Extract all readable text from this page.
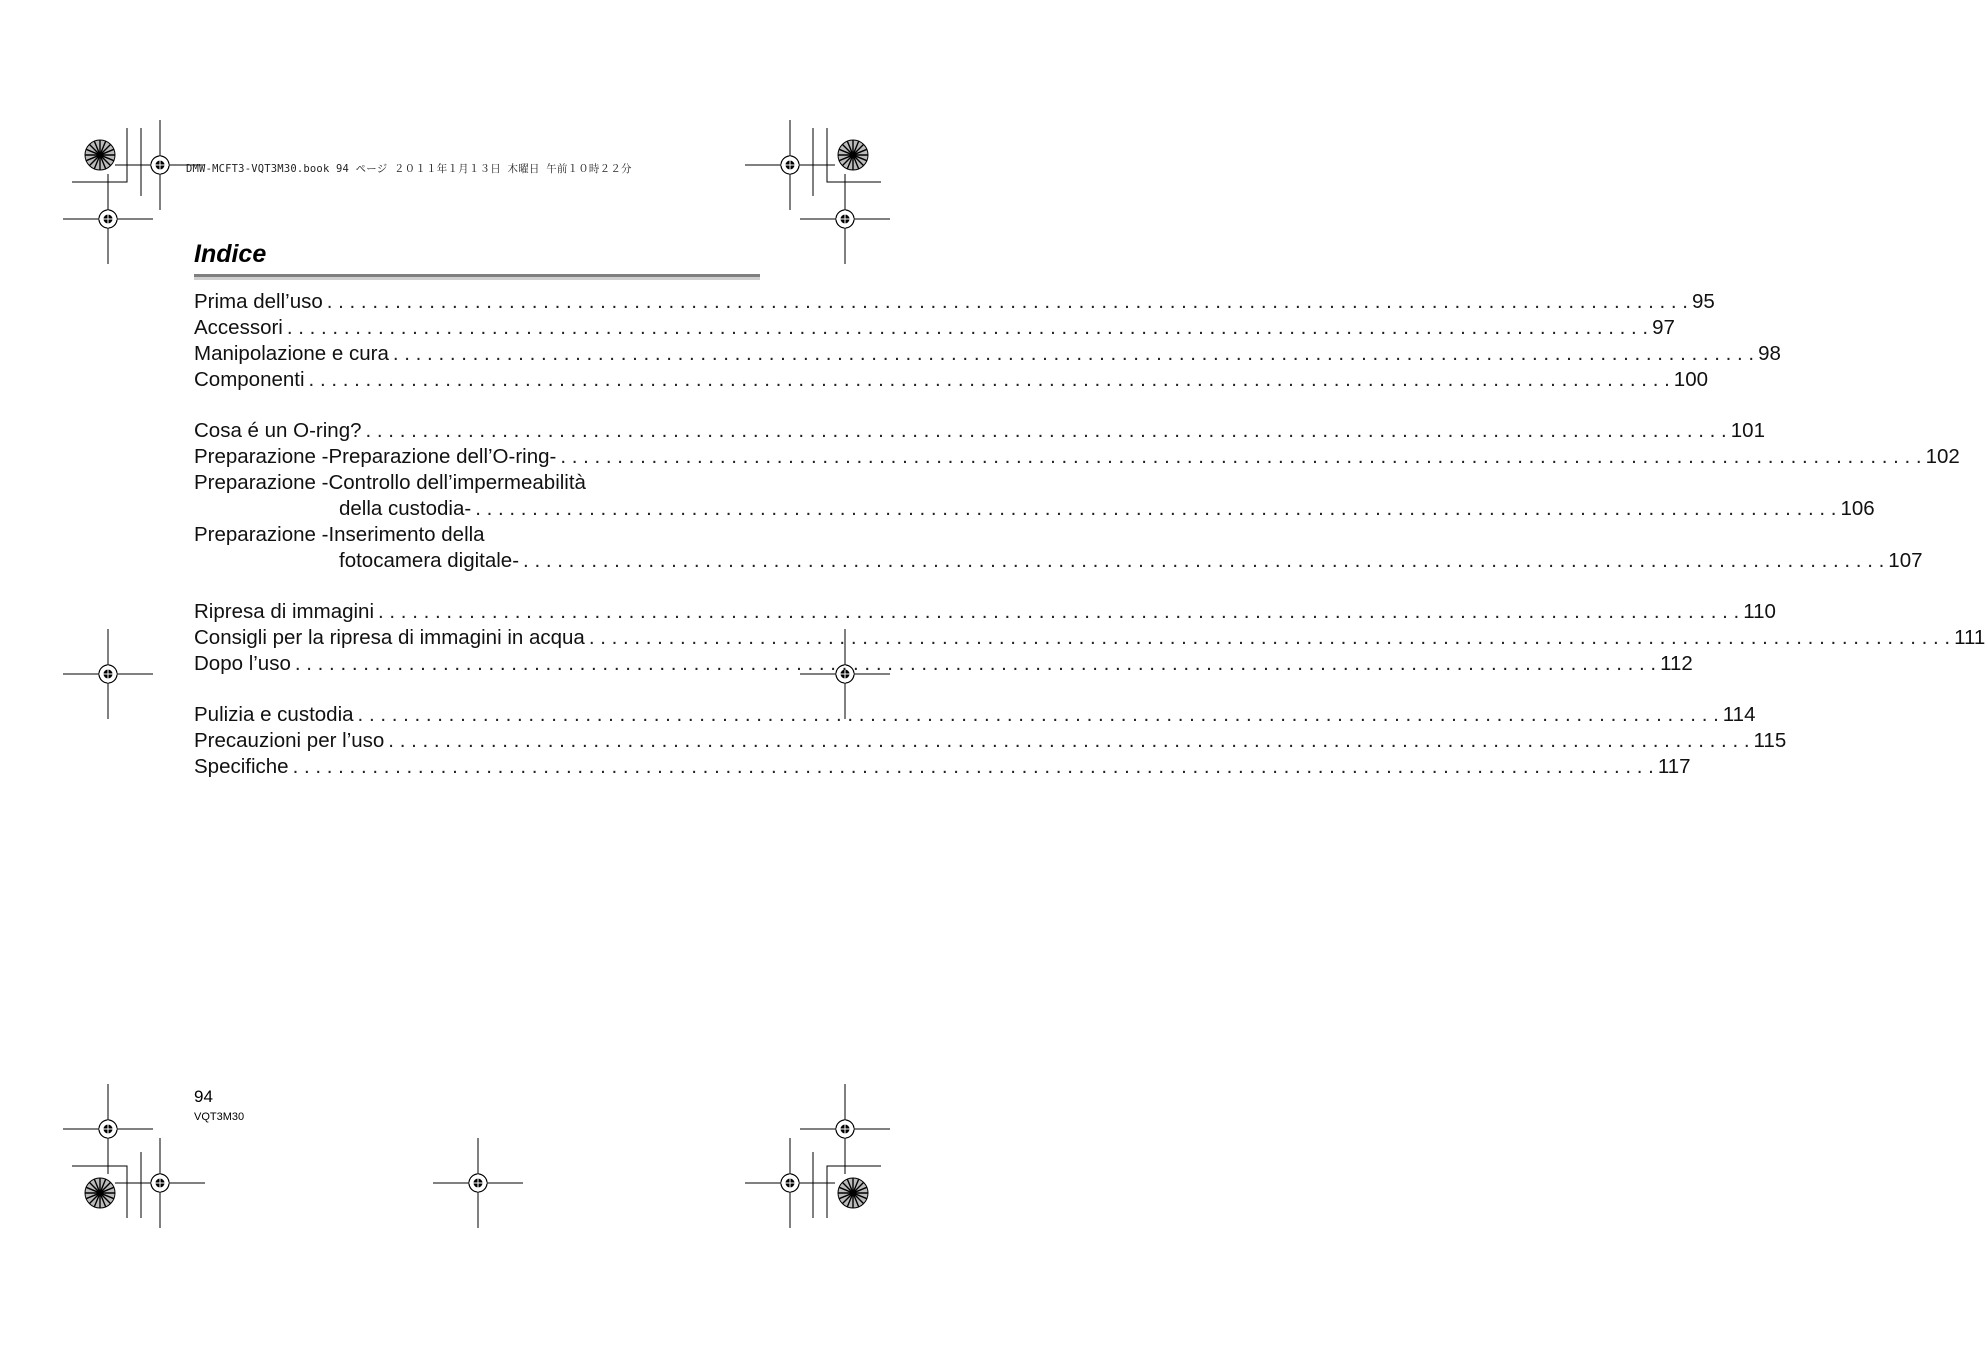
DMW-MCFT3-VQT3M30.book 94 ページ ２０１１年１月１３日 木曜日 午前１０時２２分
Indice
Prima dell’uso . . . . . . . . . . . . . . . . . . . . . . . . . . . . . . . . . . . . . . . . . . . . . . . . . . . . . . . . . . . . . . . . . . . . . . . . . . . . . . . . . . . . . . . . . . . . . . . . . . . . . . . . . . . . . . . . . . . . . . . . 95
Accessori . . . . . . . . . . . . . . . . . . . . . . . . . . . . . . . . . . . . . . . . . . . . . . . . . . . . . . . . . . . . . . . . . . . . . . . . . . . . . . . . . . . . . . . . . . . . . . . . . . . . . . . . . . . . . . . . . . . . . . . . 97
Manipolazione e cura . . . . . . . . . . . . . . . . . . . . . . . . . . . . . . . . . . . . . . . . . . . . . . . . . . . . . . . . . . . . . . . . . . . . . . . . . . . . . . . . . . . . . . . . . . . . . . . . . . . . . . . . . . . . . . . . . . . . . . . . 98
Componenti . . . . . . . . . . . . . . . . . . . . . . . . . . . . . . . . . . . . . . . . . . . . . . . . . . . . . . . . . . . . . . . . . . . . . . . . . . . . . . . . . . . . . . . . . . . . . . . . . . . . . . . . . . . . . . . . . . . . . . . . 100
Cosa é un O-ring? . . . . . . . . . . . . . . . . . . . . . . . . . . . . . . . . . . . . . . . . . . . . . . . . . . . . . . . . . . . . . . . . . . . . . . . . . . . . . . . . . . . . . . . . . . . . . . . . . . . . . . . . . . . . . . . . . . . . . . . . 101
Preparazione -Preparazione dell’O-ring- . . . . . . . . . . . . . . . . . . . . . . . . . . . . . . . . . . . . . . . . . . . . . . . . . . . . . . . . . . . . . . . . . . . . . . . . . . . . . . . . . . . . . . . . . . . . . . . . . . . . . . . . . . . . . . . . . . . . . . . . 102
Preparazione -Controllo dell’impermeabilità
della custodia- . . . . . . . . . . . . . . . . . . . . . . . . . . . . . . . . . . . . . . . . . . . . . . . . . . . . . . . . . . . . . . . . . . . . . . . . . . . . . . . . . . . . . . . . . . . . . . . . . . . . . . . . . . . . . . . . . . . . . . . . 106
Preparazione -Inserimento della
fotocamera digitale- . . . . . . . . . . . . . . . . . . . . . . . . . . . . . . . . . . . . . . . . . . . . . . . . . . . . . . . . . . . . . . . . . . . . . . . . . . . . . . . . . . . . . . . . . . . . . . . . . . . . . . . . . . . . . . . . . . . . . . . . 107
Ripresa di immagini . . . . . . . . . . . . . . . . . . . . . . . . . . . . . . . . . . . . . . . . . . . . . . . . . . . . . . . . . . . . . . . . . . . . . . . . . . . . . . . . . . . . . . . . . . . . . . . . . . . . . . . . . . . . . . . . . . . . . . . . 110
Consigli per la ripresa di immagini in acqua . . . . . . . . . . . . . . . . . . . . . . . . . . . . . . . . . . . . . . . . . . . . . . . . . . . . . . . . . . . . . . . . . . . . . . . . . . . . . . . . . . . . . . . . . . . . . . . . . . . . . . . . . . . . . . . . . . . . . . . . 111
Dopo l’uso . . . . . . . . . . . . . . . . . . . . . . . . . . . . . . . . . . . . . . . . . . . . . . . . . . . . . . . . . . . . . . . . . . . . . . . . . . . . . . . . . . . . . . . . . . . . . . . . . . . . . . . . . . . . . . . . . . . . . . . . 112
Pulizia e custodia . . . . . . . . . . . . . . . . . . . . . . . . . . . . . . . . . . . . . . . . . . . . . . . . . . . . . . . . . . . . . . . . . . . . . . . . . . . . . . . . . . . . . . . . . . . . . . . . . . . . . . . . . . . . . . . . . . . . . . . . 114
Precauzioni per l’uso . . . . . . . . . . . . . . . . . . . . . . . . . . . . . . . . . . . . . . . . . . . . . . . . . . . . . . . . . . . . . . . . . . . . . . . . . . . . . . . . . . . . . . . . . . . . . . . . . . . . . . . . . . . . . . . . . . . . . . . . 115
Specifiche . . . . . . . . . . . . . . . . . . . . . . . . . . . . . . . . . . . . . . . . . . . . . . . . . . . . . . . . . . . . . . . . . . . . . . . . . . . . . . . . . . . . . . . . . . . . . . . . . . . . . . . . . . . . . . . . . . . . . . . . 117
94
VQT3M30
